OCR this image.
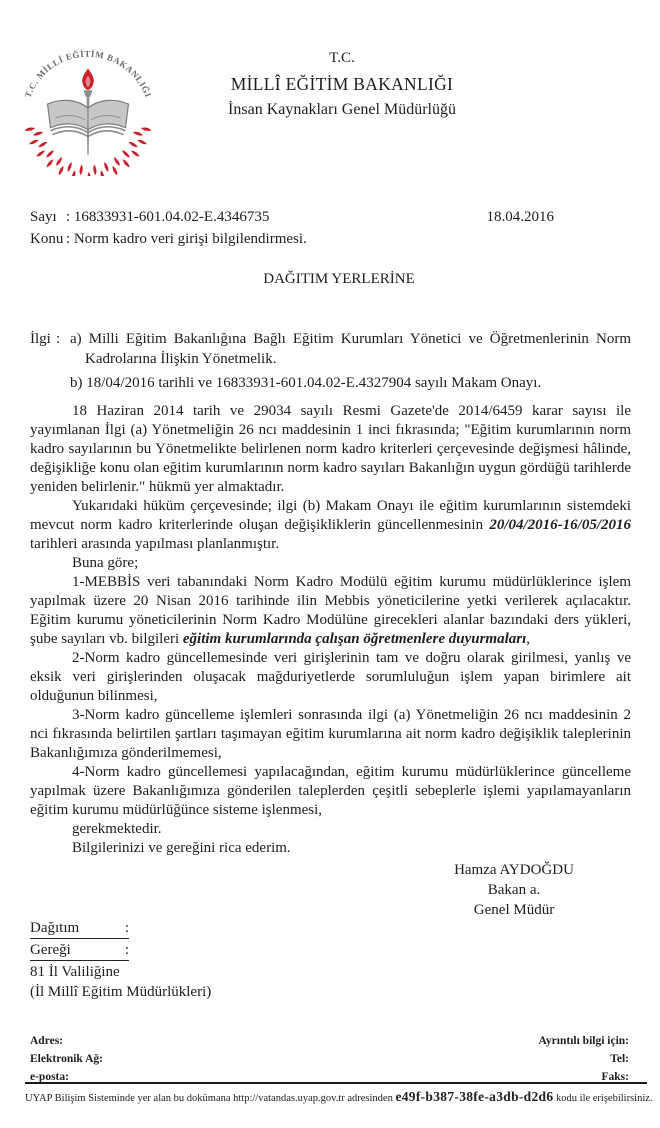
T.C. MİLLİ EĞİTİM BAKANLIĞI
T.C.
MİLLÎ EĞİTİM BAKANLIĞI
İnsan Kaynakları Genel Müdürlüğü
Sayı : 16833931-601.04.02-E.4346735
Konu : Norm kadro veri girişi bilgilendirmesi.
18.04.2016
DAĞITIM YERLERİNE
İlgi : a) Milli Eğitim Bakanlığına Bağlı Eğitim Kurumları Yönetici ve Öğretmenlerinin Norm Kadrolarına İlişkin Yönetmelik.

b) 18/04/2016 tarihli ve 16833931-601.04.02-E.4327904 sayılı Makam Onayı.

18 Haziran 2014 tarih ve 29034 sayılı Resmi Gazete'de 2014/6459 karar sayısı ile yayımlanan İlgi (a) Yönetmeliğin 26 ncı maddesinin 1 inci fıkrasında; "Eğitim kurumlarının norm kadro sayılarının bu Yönetmelikte belirlenen norm kadro kriterleri çerçevesinde değişmesi hâlinde, değişikliğe konu olan eğitim kurumlarının norm kadro sayıları Bakanlığın uygun gördüğü tarihlerde yeniden belirlenir." hükmü yer almaktadır.

Yukarıdaki hüküm çerçevesinde; ilgi (b) Makam Onayı ile eğitim kurumlarının sistemdeki mevcut norm kadro kriterlerinde oluşan değişikliklerin güncellenmesinin 20/04/2016-16/05/2016 tarihleri arasında yapılması planlanmıştır.

Buna göre;

1-MEBBİS veri tabanındaki Norm Kadro Modülü eğitim kurumu müdürlüklerince işlem yapılmak üzere 20 Nisan 2016 tarihinde ilin Mebbis yöneticilerine yetki verilerek açılacaktır. Eğitim kurumu yöneticilerinin Norm Kadro Modülüne girecekleri alanlar bazındaki ders yükleri, şube sayıları vb. bilgileri eğitim kurumlarında çalışan öğretmenlere duyurmaları,

2-Norm kadro güncellemesinde veri girişlerinin tam ve doğru olarak girilmesi, yanlış ve eksik veri girişlerinden oluşacak mağduriyetlerde sorumluluğun işlem yapan birimlere ait olduğunun bilinmesi,

3-Norm kadro güncelleme işlemleri sonrasında ilgi (a) Yönetmeliğin 26 ncı maddesinin 2 nci fıkrasında belirtilen şartları taşımayan eğitim kurumlarına ait norm kadro değişiklik taleplerinin Bakanlığımıza gönderilmemesi,

4-Norm kadro güncellemesi yapılacağından, eğitim kurumu müdürlüklerince güncelleme yapılmak üzere Bakanlığımıza gönderilen taleplerden çeşitli sebeplerle işlemi yapılamayanların eğitim kurumu müdürlüğünce sisteme işlenmesi,

gerekmektedir.

Bilgilerinizi ve gereğini rica ederim.

Hamza AYDOĞDU
Bakan a.
Genel Müdür
Dağıtım	:
Gereği	:
81 İl Valiliğine
(İl Millî Eğitim Müdürlükleri)
Adres:
Elektronik Ağ:
e-posta:
Ayrıntılı bilgi için:
Tel:
Faks:
UYAP Bilişim Sisteminde yer alan bu dokümana http://vatandas.uyap.gov.tr adresinden e49f-b387-38fe-a3db-d2d6 kodu ile erişebilirsiniz.
